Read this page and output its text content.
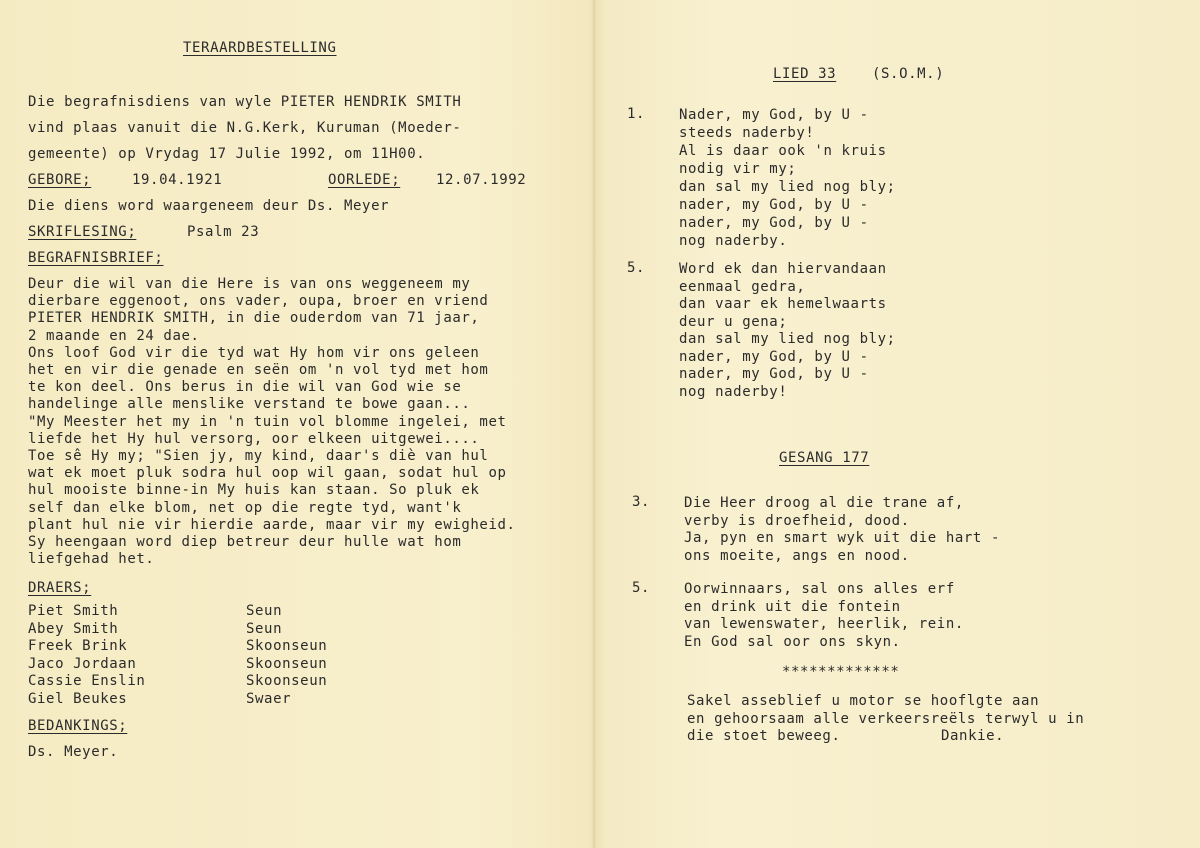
TERAARDBESTELLING
Die begrafnisdiens van wyle PIETER HENDRIK SMITH
vind plaas vanuit die N.G.Kerk, Kuruman (Moeder-
gemeente) op Vrydag 17 Julie 1992, om 11H00.
GEBORE;	19.04.1921	OORLEDE;	12.07.1992
Die diens word waargeneem deur Ds. Meyer
SKRIFLESING;	Psalm 23
BEGRAFNISBRIEF;
Deur die wil van die Here is van ons weggeneem my
dierbare eggenoot, ons vader, oupa, broer en vriend
PIETER HENDRIK SMITH, in die ouderdom van 71 jaar,
2 maande en 24 dae.
Ons loof God vir die tyd wat Hy hom vir ons geleen
het en vir die genade en seën om 'n vol tyd met hom
te kon deel. Ons berus in die wil van God wie se
handelinge alle menslike verstand te bowe gaan...
"My Meester het my in 'n tuin vol blomme ingelei, met
liefde het Hy hul versorg, oor elkeen uitgewei....
Toe sê Hy my; "Sien jy, my kind, daar's diè van hul
wat ek moet pluk sodra hul oop wil gaan, sodat hul op
hul mooiste binne-in My huis kan staan. So pluk ek
self dan elke blom, net op die regte tyd, want'k
plant hul nie vir hierdie aarde, maar vir my ewigheid.
Sy heengaan word diep betreur deur hulle wat hom
liefgehad het.
DRAERS;
Piet Smith	Seun
Abey Smith	Seun
Freek Brink	Skoonseun
Jaco Jordaan	Skoonseun
Cassie Enslin	Skoonseun
Giel Beukes	Swaer
BEDANKINGS;
Ds. Meyer.
LIED 33	(S.O.M.)
1. Nader, my God, by U -
steeds naderby!
Al is daar ook 'n kruis
nodig vir my;
dan sal my lied nog bly;
nader, my God, by U -
nader, my God, by U -
nog naderby.
5. Word ek dan hiervandaan
eenmaal gedra,
dan vaar ek hemelwaarts
deur u gena;
dan sal my lied nog bly;
nader, my God, by U -
nader, my God, by U -
nog naderby!
GESANG 177
3. Die Heer droog al die trane af,
verby is droefheid, dood.
Ja, pyn en smart wyk uit die hart -
ons moeite, angs en nood.
5. Oorwinnaars, sal ons alles erf
en drink uit die fontein
van lewenswater, heerlik, rein.
En God sal oor ons skyn.
*************
Sakel asseblief u motor se hooflgte aan
en gehoorsaam alle verkeersreëls terwyl u in
die stoet beweeg.	Dankie.
